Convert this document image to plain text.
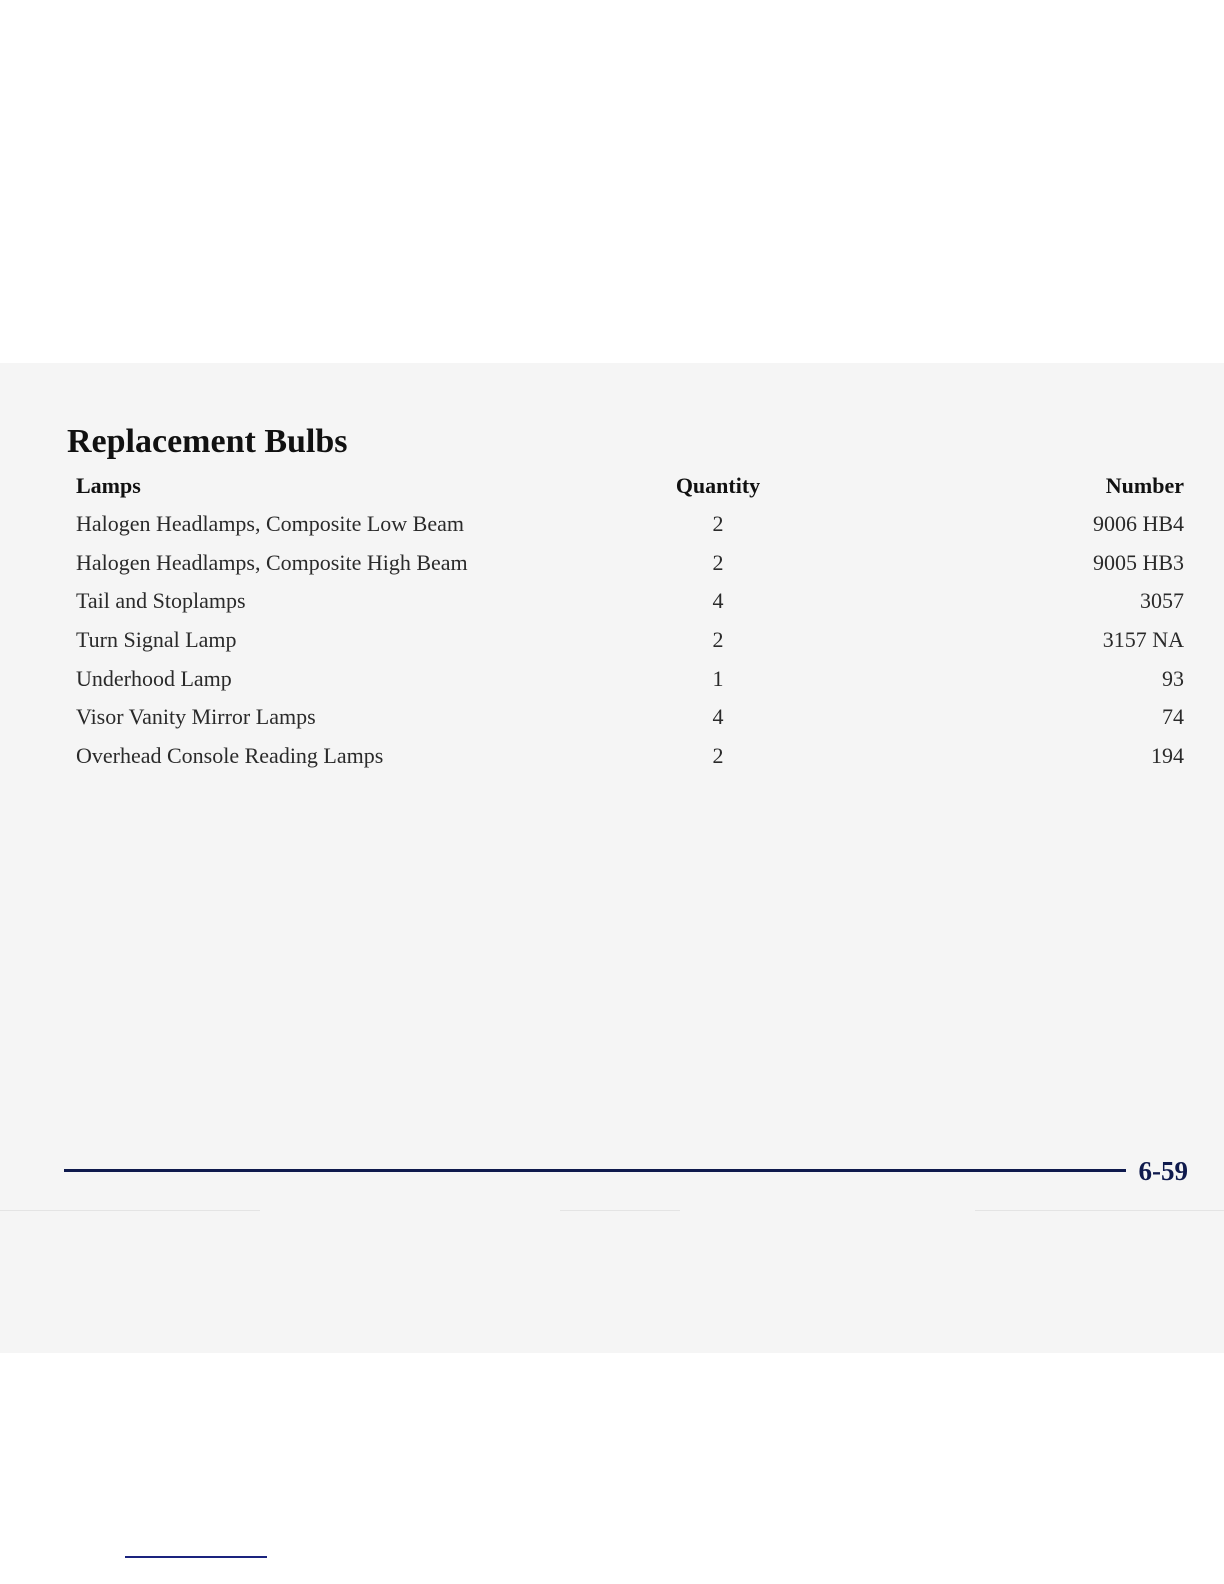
Replacement Bulbs
Lamps	Quantity	Number
Halogen Headlamps, Composite Low Beam	2	9006 HB4
Halogen Headlamps, Composite High Beam	2	9005 HB3
Tail and Stoplamps	4	3057
Turn Signal Lamp	2	3157 NA
Underhood Lamp	1	93
Visor Vanity Mirror Lamps	4	74
Overhead Console Reading Lamps	2	194
6-59
